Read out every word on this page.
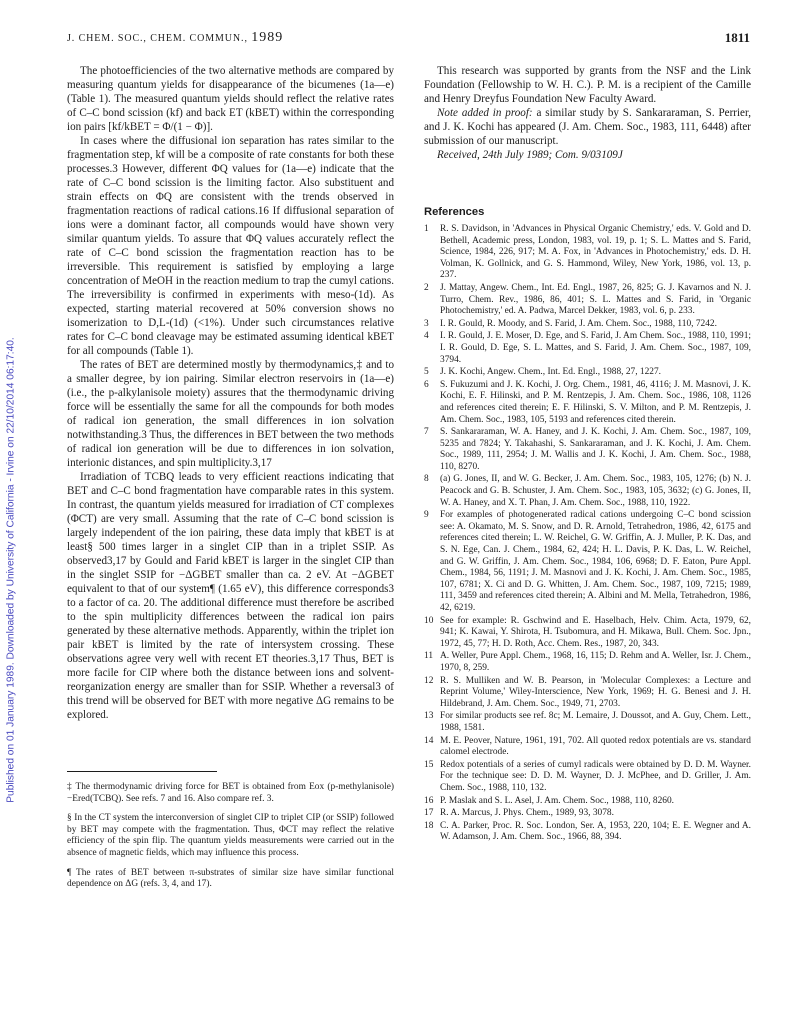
Published on 01 January 1989. Downloaded by University of California - Irvine on 22/10/2014 06:17:40.
J. CHEM. SOC., CHEM. COMMUN., 1989	1811

The photoefficiencies of the two alternative methods are compared by measuring quantum yields for disappearance of the bicumenes (1a—e) (Table 1). The measured quantum yields should reflect the relative rates of C–C bond scission (kf) and back ET (kBET) within the corresponding ion pairs [kf/kBET = Φ/(1 − Φ)].

In cases where the diffusional ion separation has rates similar to the fragmentation step, kf will be a composite of rate constants for both these processes.3 However, different ΦQ values for (1a—e) indicate that the rate of C–C bond scission is the limiting factor. Also substituent and strain effects on ΦQ are consistent with the trends observed in fragmentation reactions of radical cations.16 If diffusional separation of ions were a dominant factor, all compounds would have shown very similar quantum yields. To assure that ΦQ values accurately reflect the rate of C–C bond scission the fragmentation reaction has to be irreversible. This requirement is satisfied by employing a large concentration of MeOH in the reaction medium to trap the cumyl cations. The irreversibility is confirmed in experiments with meso-(1d). As expected, starting material recovered at 50% conversion shows no isomerization to D,L-(1d) (<1%). Under such circumstances relative rates for C–C bond cleavage may be estimated assuming identical kBET for all compounds (Table 1).

The rates of BET are determined mostly by thermodynamics,‡ and to a smaller degree, by ion pairing. Similar electron reservoirs in (1a—e) (i.e., the p-alkylanisole moiety) assures that the thermodynamic driving force will be essentially the same for all the compounds for both modes of radical ion generation, the small differences in ion solvation notwithstanding.3 Thus, the differences in BET between the two methods of radical ion generation will be due to differences in ion solvation, interionic distances, and spin multiplicity.3,17

Irradiation of TCBQ leads to very efficient reactions indicating that BET and C–C bond fragmentation have comparable rates in this system. In contrast, the quantum yields measured for irradiation of CT complexes (ΦCT) are very small. Assuming that the rate of C–C bond scission is largely independent of the ion pairing, these data imply that kBET is at least§ 500 times larger in a singlet CIP than in a triplet SSIP. As observed3,17 by Gould and Farid kBET is larger in the singlet CIP than in the singlet SSIP for −ΔGBET smaller than ca. 2 eV. At −ΔGBET equivalent to that of our system¶ (1.65 eV), this difference corresponds3 to a factor of ca. 20. The additional difference must therefore be ascribed to the spin multiplicity differences between the radical ion pairs generated by these alternative methods. Apparently, within the triplet ion pair kBET is limited by the rate of intersystem crossing. These observations agree very well with recent ET theories.3,17 Thus, BET is more facile for CIP where both the distance between ions and solvent-reorganization energy are smaller than for SSIP. Whether a reversal3 of this trend will be observed for BET with more negative ΔG remains to be explored.

‡ The thermodynamic driving force for BET is obtained from Eox (p-methylanisole)−Ered(TCBQ). See refs. 7 and 16. Also compare ref. 3.

§ In the CT system the interconversion of singlet CIP to triplet CIP (or SSIP) followed by BET may compete with the fragmentation. Thus, ΦCT may reflect the relative efficiency of the spin flip. The quantum yields measurements were carried out in the absence of magnetic fields, which may influence this process.

¶ The rates of BET between π-substrates of similar size have similar functional dependence on ΔG (refs. 3, 4, and 17).

This research was supported by grants from the NSF and the Link Foundation (Fellowship to W. H. C.). P. M. is a recipient of the Camille and Henry Dreyfus Foundation New Faculty Award.

Note added in proof: a similar study by S. Sankararaman, S. Perrier, and J. K. Kochi has appeared (J. Am. Chem. Soc., 1983, 111, 6448) after submission of our manuscript.

Received, 24th July 1989; Com. 9/03109J

References
1	R. S. Davidson, in 'Advances in Physical Organic Chemistry,' eds. V. Gold and D. Bethell, Academic press, London, 1983, vol. 19, p. 1; S. L. Mattes and S. Farid, Science, 1984, 226, 917; M. A. Fox, in 'Advances in Photochemistry,' eds. D. H. Volman, K. Gollnick, and G. S. Hammond, Wiley, New York, 1986, vol. 13, p. 237.
2	J. Mattay, Angew. Chem., Int. Ed. Engl., 1987, 26, 825; G. J. Kavarnos and N. J. Turro, Chem. Rev., 1986, 86, 401; S. L. Mattes and S. Farid, in 'Organic Photochemistry,' ed. A. Padwa, Marcel Dekker, 1983, vol. 6, p. 233.
3	I. R. Gould, R. Moody, and S. Farid, J. Am. Chem. Soc., 1988, 110, 7242.
4	I. R. Gould, J. E. Moser, D. Ege, and S. Farid, J. Am Chem. Soc., 1988, 110, 1991; I. R. Gould, D. Ege, S. L. Mattes, and S. Farid, J. Am. Chem. Soc., 1987, 109, 3794.
5	J. K. Kochi, Angew. Chem., Int. Ed. Engl., 1988, 27, 1227.
6	S. Fukuzumi and J. K. Kochi, J. Org. Chem., 1981, 46, 4116; J. M. Masnovi, J. K. Kochi, E. F. Hilinski, and P. M. Rentzepis, J. Am. Chem. Soc., 1986, 108, 1126 and references cited therein; E. F. Hilinski, S. V. Milton, and P. M. Rentzepis, J. Am. Chem. Soc., 1983, 105, 5193 and references cited therein.
7	S. Sankararaman, W. A. Haney, and J. K. Kochi, J. Am. Chem. Soc., 1987, 109, 5235 and 7824; Y. Takahashi, S. Sankararaman, and J. K. Kochi, J. Am. Chem. Soc., 1989, 111, 2954; J. M. Wallis and J. K. Kochi, J. Am. Chem. Soc., 1988, 110, 8270.
8	(a) G. Jones, II, and W. G. Becker, J. Am. Chem. Soc., 1983, 105, 1276; (b) N. J. Peacock and G. B. Schuster, J. Am. Chem. Soc., 1983, 105, 3632; (c) G. Jones, II, W. A. Haney, and X. T. Phan, J. Am. Chem. Soc., 1988, 110, 1922.
9	For examples of photogenerated radical cations undergoing C–C bond scission see: A. Okamato, M. S. Snow, and D. R. Arnold, Tetrahedron, 1986, 42, 6175 and references cited therein; L. W. Reichel, G. W. Griffin, A. J. Muller, P. K. Das, and S. N. Ege, Can. J. Chem., 1984, 62, 424; H. L. Davis, P. K. Das, L. W. Reichel, and G. W. Griffin, J. Am. Chem. Soc., 1984, 106, 6968; D. F. Eaton, Pure Appl. Chem., 1984, 56, 1191; J. M. Masnovi and J. K. Kochi, J. Am. Chem. Soc., 1985, 107, 6781; X. Ci and D. G. Whitten, J. Am. Chem. Soc., 1987, 109, 7215; 1989, 111, 3459 and references cited therein; A. Albini and M. Mella, Tetrahedron, 1986, 42, 6219.
10 See for example: R. Gschwind and E. Haselbach, Helv. Chim. Acta, 1979, 62, 941; K. Kawai, Y. Shirota, H. Tsubomura, and H. Mikawa, Bull. Chem. Soc. Jpn., 1972, 45, 77; H. D. Roth, Acc. Chem. Res., 1987, 20, 343.
11 A. Weller, Pure Appl. Chem., 1968, 16, 115; D. Rehm and A. Weller, Isr. J. Chem., 1970, 8, 259.
12 R. S. Mulliken and W. B. Pearson, in 'Molecular Complexes: a Lecture and Reprint Volume,' Wiley-Interscience, New York, 1969; H. G. Benesi and J. H. Hildebrand, J. Am. Chem. Soc., 1949, 71, 2703.
13 For similar products see ref. 8c; M. Lemaire, J. Doussot, and A. Guy, Chem. Lett., 1988, 1581.
14 M. E. Peover, Nature, 1961, 191, 702. All quoted redox potentials are vs. standard calomel electrode.
15 Redox potentials of a series of cumyl radicals were obtained by D. D. M. Wayner. For the technique see: D. D. M. Wayner, D. J. McPhee, and D. Griller, J. Am. Chem. Soc., 1988, 110, 132.
16 P. Maslak and S. L. Asel, J. Am. Chem. Soc., 1988, 110, 8260.
17 R. A. Marcus, J. Phys. Chem., 1989, 93, 3078.
18 C. A. Parker, Proc. R. Soc. London, Ser. A, 1953, 220, 104; E. E. Wegner and A. W. Adamson, J. Am. Chem. Soc., 1966, 88, 394.
